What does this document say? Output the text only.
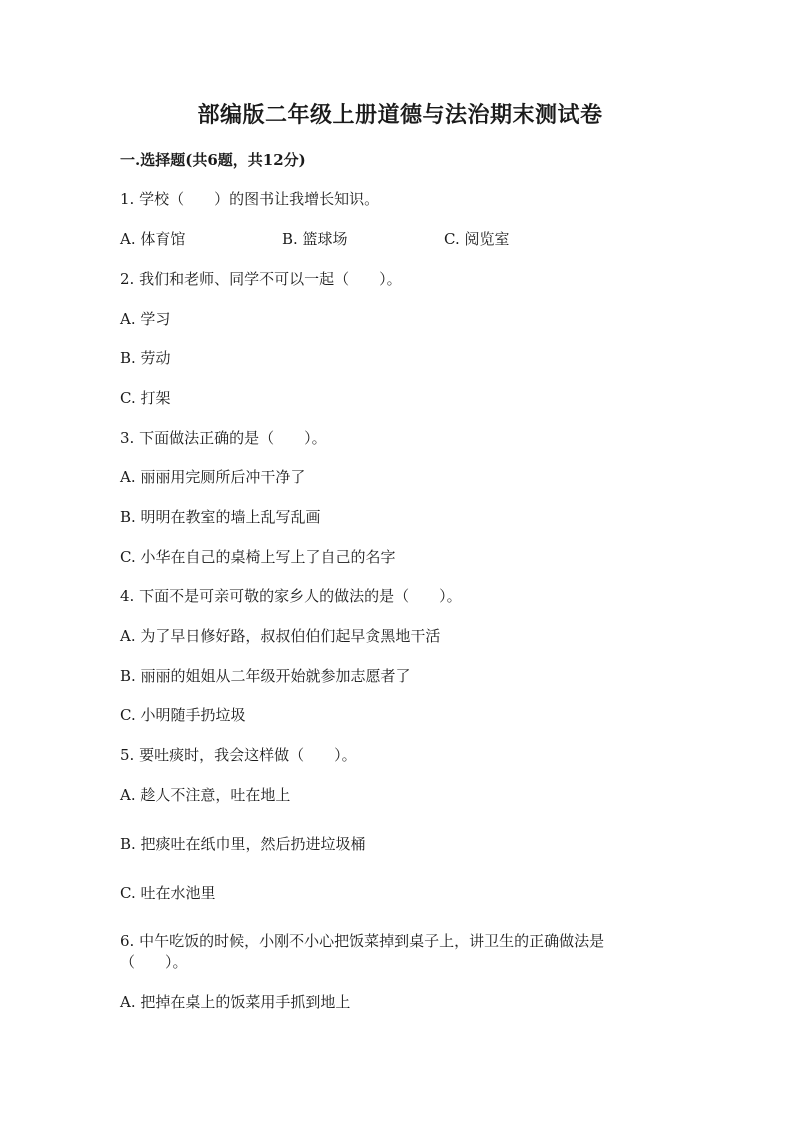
部编版二年级上册道德与法治期末测试卷
一.选择题(共6题，共12分)
1. 学校（　　）的图书让我增长知识。
A. 体育馆	B. 篮球场	C. 阅览室
2. 我们和老师、同学不可以一起（　　）。
A. 学习
B. 劳动
C. 打架
3. 下面做法正确的是（　　）。
A. 丽丽用完厕所后冲干净了
B. 明明在教室的墙上乱写乱画
C. 小华在自己的桌椅上写上了自己的名字
4. 下面不是可亲可敬的家乡人的做法的是（　　）。
A. 为了早日修好路，叔叔伯伯们起早贪黑地干活
B. 丽丽的姐姐从二年级开始就参加志愿者了
C. 小明随手扔垃圾
5. 要吐痰时，我会这样做（　　）。
A. 趁人不注意，吐在地上
B. 把痰吐在纸巾里，然后扔进垃圾桶
C. 吐在水池里
6. 中午吃饭的时候，小刚不小心把饭菜掉到桌子上，讲卫生的正确做法是（　　）。
A. 把掉在桌上的饭菜用手抓到地上
